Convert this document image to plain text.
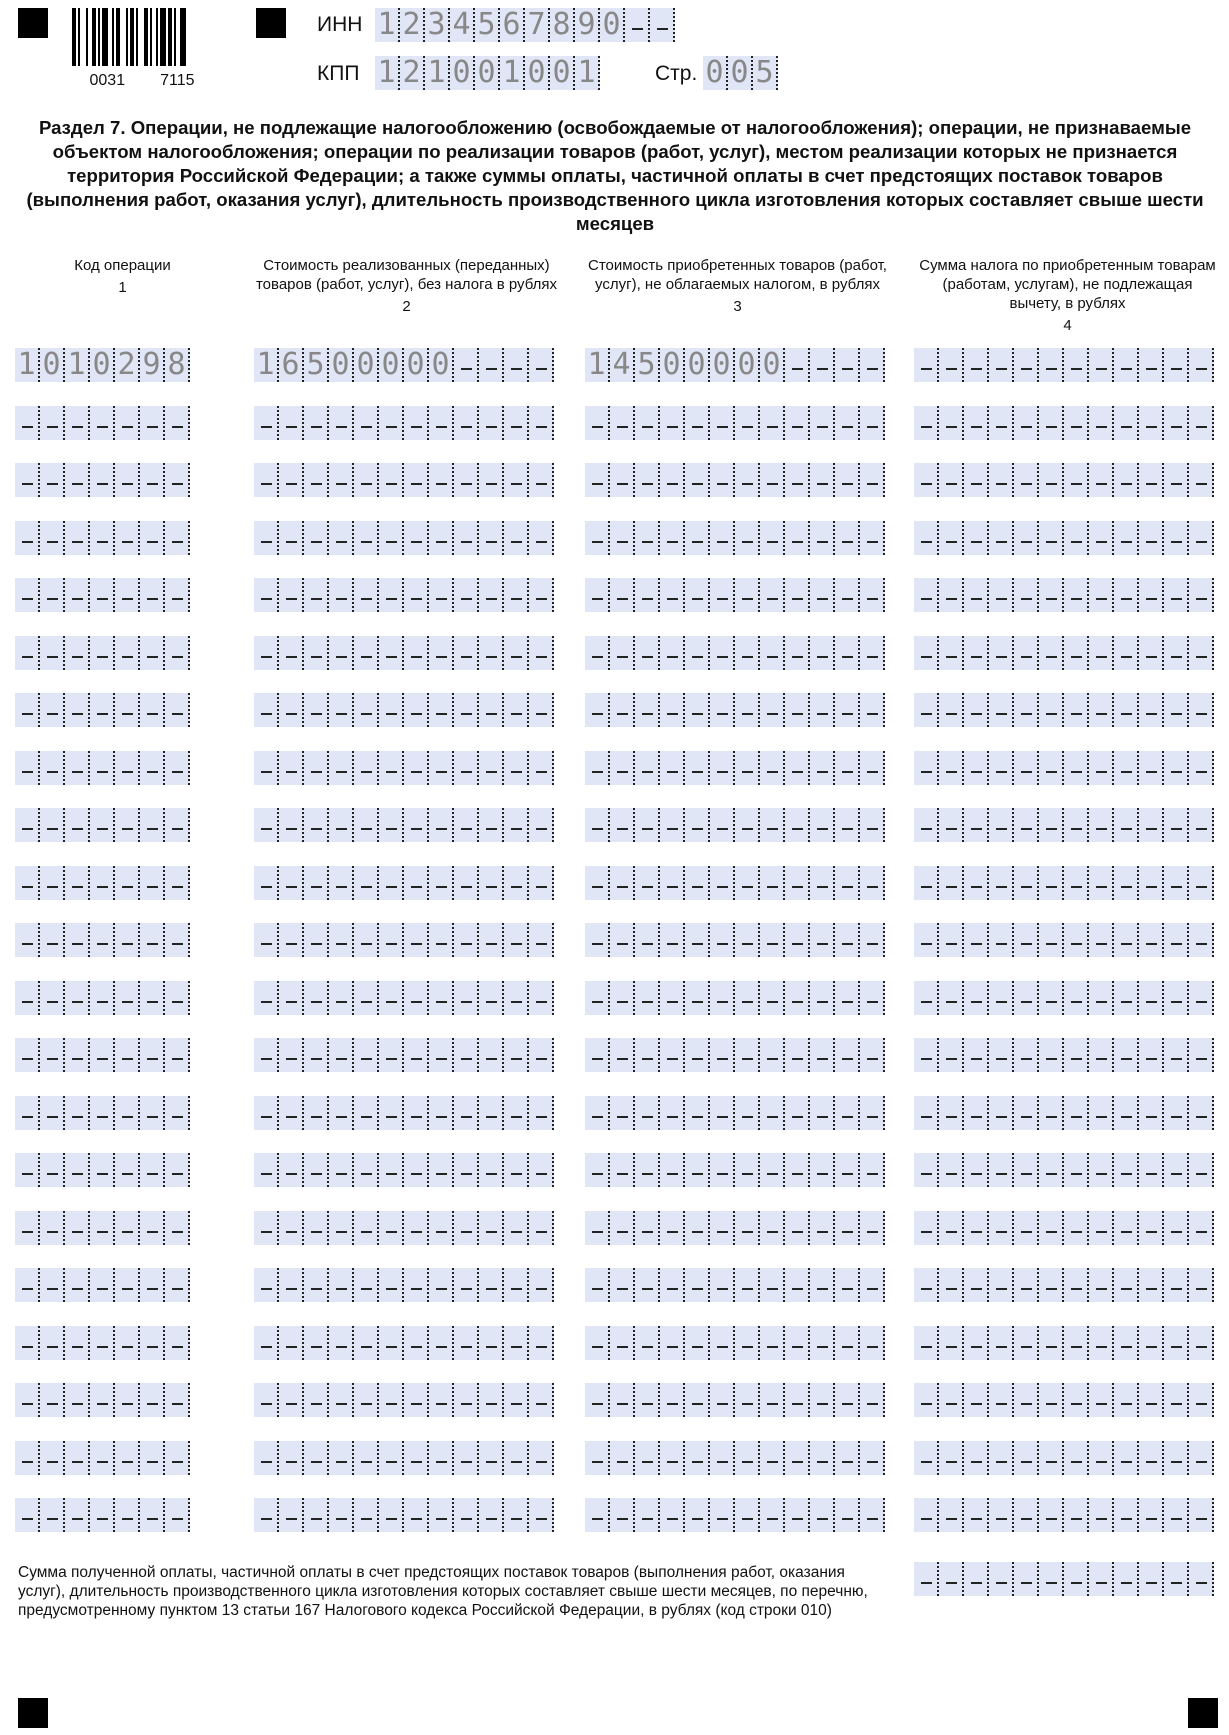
0031 7115
ИНН 1 2 3 4 5 6 7 8 9 0
КПП 1 2 1 0 0 1 0 0 1	Стр. 0 0 5

Раздел 7. Операции, не подлежащие налогообложению (освобождаемые от налогообложения); операции, не признаваемые объектом налогообложения; операции по реализации товаров (работ, услуг), местом реализации которых не признается территория Российской Федерации; а также суммы оплаты, частичной оплаты в счет предстоящих поставок товаров (выполнения работ, оказания услуг), длительность производственного цикла изготовления которых составляет свыше шести месяцев

Код операции
1
Стоимость реализованных (переданных) товаров (работ, услуг), без налога в рублях
2
Стоимость приобретенных товаров (работ, услуг), не облагаемых налогом, в рублях
3
Сумма налога по приобретенным товарам (работам, услугам), не подлежащая вычету, в рублях
4
1 0 1 0 2 9 8 1 6 5 0 0 0 0 0	1 4 5 0 0 0 0 0
Сумма полученной оплаты, частичной оплаты в счет предстоящих поставок товаров (выполнения работ, оказания услуг), длительность производственного цикла изготовления которых составляет свыше шести месяцев, по перечню, предусмотренному пунктом 13 статьи 167 Налогового кодекса Российской Федерации, в рублях (код строки 010)
